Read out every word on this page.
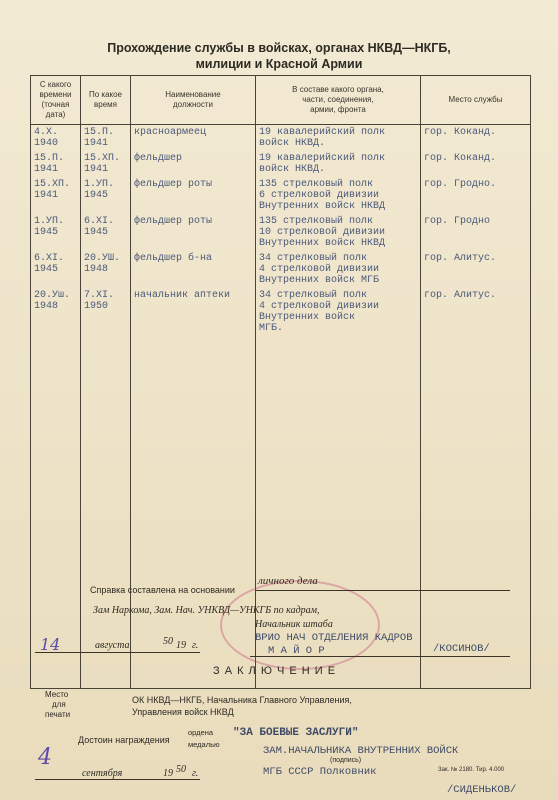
Прохождение службы в войсках, органах НКВД—НКГБ,
милиции и Красной Армии
С какого
времени
(точная
дата)	По какое
время	Наименование
должности	В составе какого органа,
части, соединения,
армии, фронта	Место службы

4.X.
1940	15.П.
1941	красноармеец	19 кавалерийский полк
войск НКВД.	гор. Коканд.

15.П.
1941	15.XП.
1941	фельдшер	19 кавалерийский полк
войск НКВД.	гор. Коканд.

15.XП.
1941	1.УП.
1945	фельдшер роты	135 стрелковый полк
6 стрелковой дивизии
Внутренних войск НКВД	гор. Гродно.

1.УП.
1945	6.XI.
1945	фельдшер роты	135 стрелковый полк
10 стрелковой дивизии
Внутренних войск НКВД	гор. Гродно

6.XI.
1945	20.УШ.
1948	фельдшер б-на	34 стрелковый полк
4 стрелковой дивизии
Внутренних войск МГБ	гор. Алитус.

20.Уш.
1948	7.XI.
1950	начальник аптеки	34 стрелковый полк
4 стрелковой дивизии
Внутренних войск
МГБ.	гор. Алитус.
Справка составлена на основании
личного дела
Зам Наркома, Зам. Нач. УНКВД—УНКГБ по кадрам,
Начальник штаба
ВРИО НАЧ ОТДЕЛЕНИЯ КАДРОВ
М А Й О Р	/КОСИНОВ/
14	августа	19
50 г.
З А К Л Ю Ч Е Н И Е
Место
для
печати
ОК НКВД—НКГБ, Начальника Главного Управления,
Управления войск НКВД
ордена
медалью
Достоин награждения
"ЗА БОЕВЫЕ ЗАСЛУГИ"
ЗАМ.НАЧАЛЬНИКА ВНУТРЕННИХ ВОЙСК
(подпись)
МГБ СССР Полковник	Зак. № 2180. Тир. 4.000
/СИДЕНЬКОВ/
4
сентября	19 50 г.
